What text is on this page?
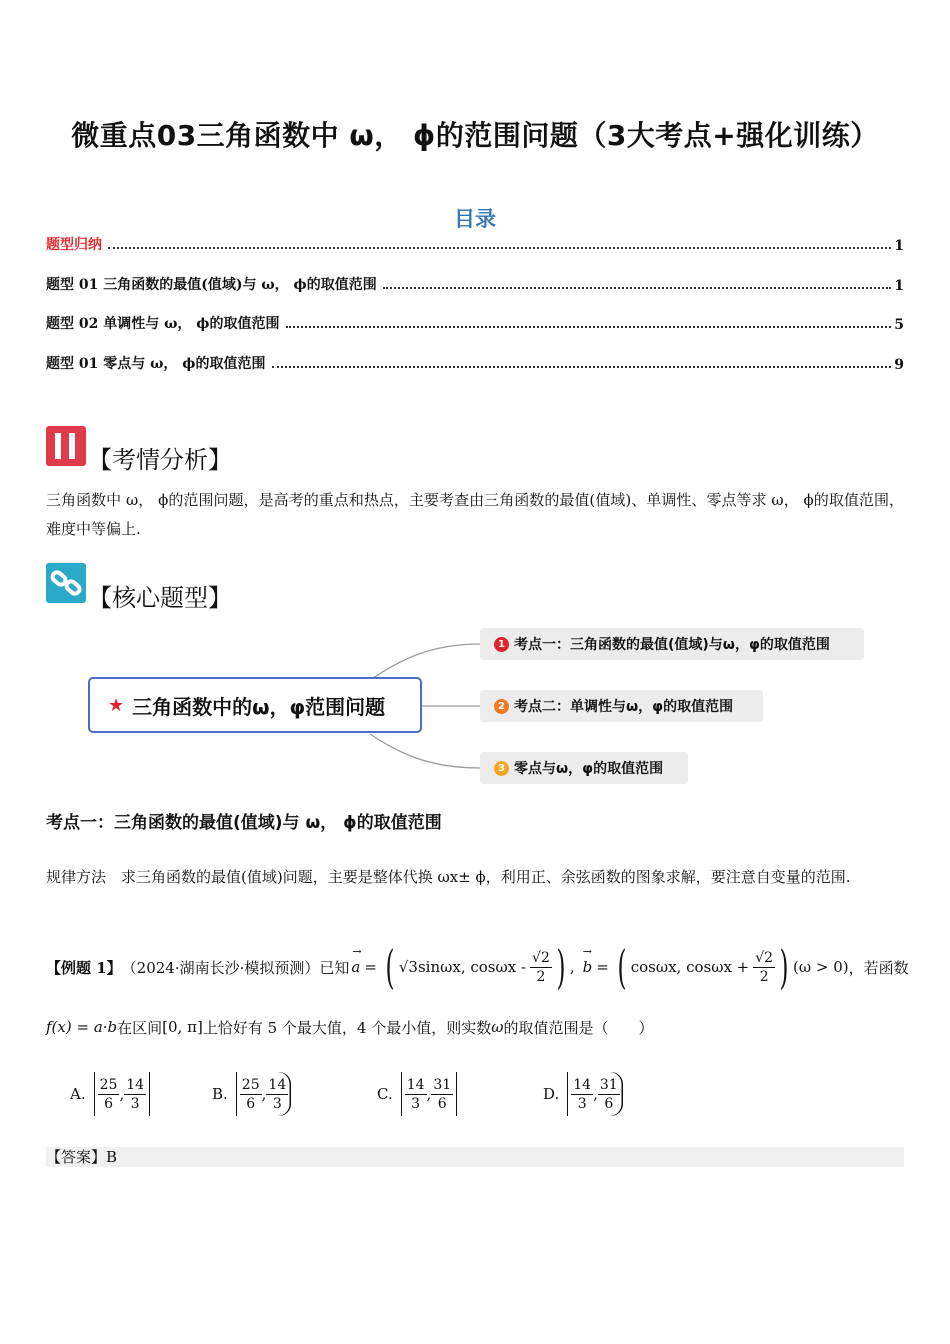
微重点03三角函数中 ω， ϕ的范围问题（3大考点+强化训练）
目录
题型归纳	1
题型 01 三角函数的最值(值域)与 ω， ϕ的取值范围	1
题型 02 单调性与 ω， ϕ的取值范围	5
题型 01 零点与 ω， ϕ的取值范围	9
【考情分析】
三角函数中 ω， ϕ的范围问题，是高考的重点和热点，主要考查由三角函数的最值(值域)、单调性、零点等求 ω， ϕ的取值范围，难度中等偏上.
【核心题型】
★ 三角函数中的ω，φ范围问题
1 考点一：三角函数的最值(值域)与ω，φ的取值范围
2 考点二：单调性与ω，φ的取值范围
3 零点与ω，φ的取值范围
考点一：三角函数的最值(值域)与 ω， ϕ的取值范围
规律方法　求三角函数的最值(值域)问题，主要是整体代换 ωx± ϕ，利用正、余弦函数的图象求解，要注意自变量的范围.
【例题 1】 （2024·湖南长沙·模拟预测）已知
→
a = ( √3 sinωx, cosωx - $\frac{√2}{2}$ ) ,
→
b = ( cosωx, $\cos\omega x + \frac{√2}{2}$ ) (ω > 0) ，若函数
f(x) = a·b 在区间 [0, π] 上恰好有 5 个最大值，4 个最小值，则实数 ω 的取值范围是（　　）
A. $\frac{25}{6}$ , $\frac{14}{3}$	B. $\frac{25}{6}$ , $\frac{14}{3}$	C. $\frac{14}{3}$ , $\frac{31}{6}$	D. $\frac{14}{3}$ , $\frac{31}{6}$
【答案】B
